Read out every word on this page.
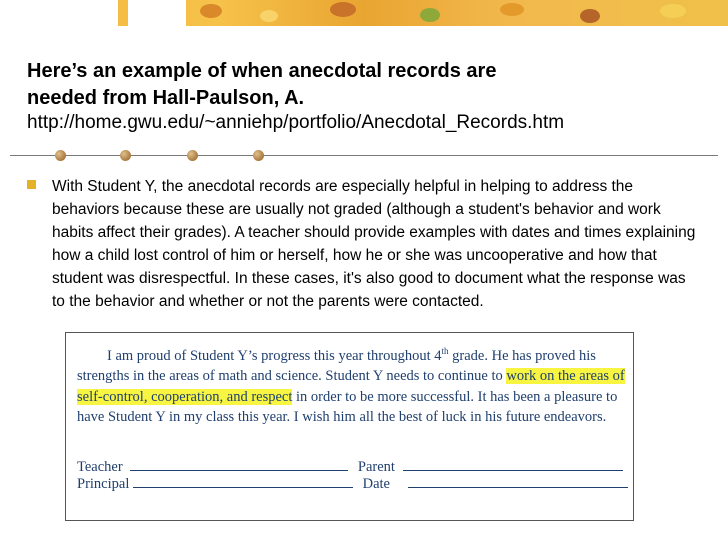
Here’s an example of when anecdotal records are
needed from Hall-Paulson, A.
http://home.gwu.edu/~anniehp/portfolio/Anecdotal_Records.htm
With Student Y, the anecdotal records are especially helpful in helping to address the behaviors because these are usually not graded (although a student's behavior and work habits affect their grades). A teacher should provide examples with dates and times explaining how a child lost control of him or herself, how he or she was uncooperative and how that student was disrespectful. In these cases, it's also good to document what the response was to the behavior and whether or not the parents were contacted.
I am proud of Student Y’s progress this year throughout 4th grade. He has proved his strengths in the areas of math and science. Student Y needs to continue to work on the areas of self-control, cooperation, and respect in order to be more successful. It has been a pleasure to have Student Y in my class this year. I wish him all the best of luck in his future endeavors.
Teacher	Parent
Principal	Date
